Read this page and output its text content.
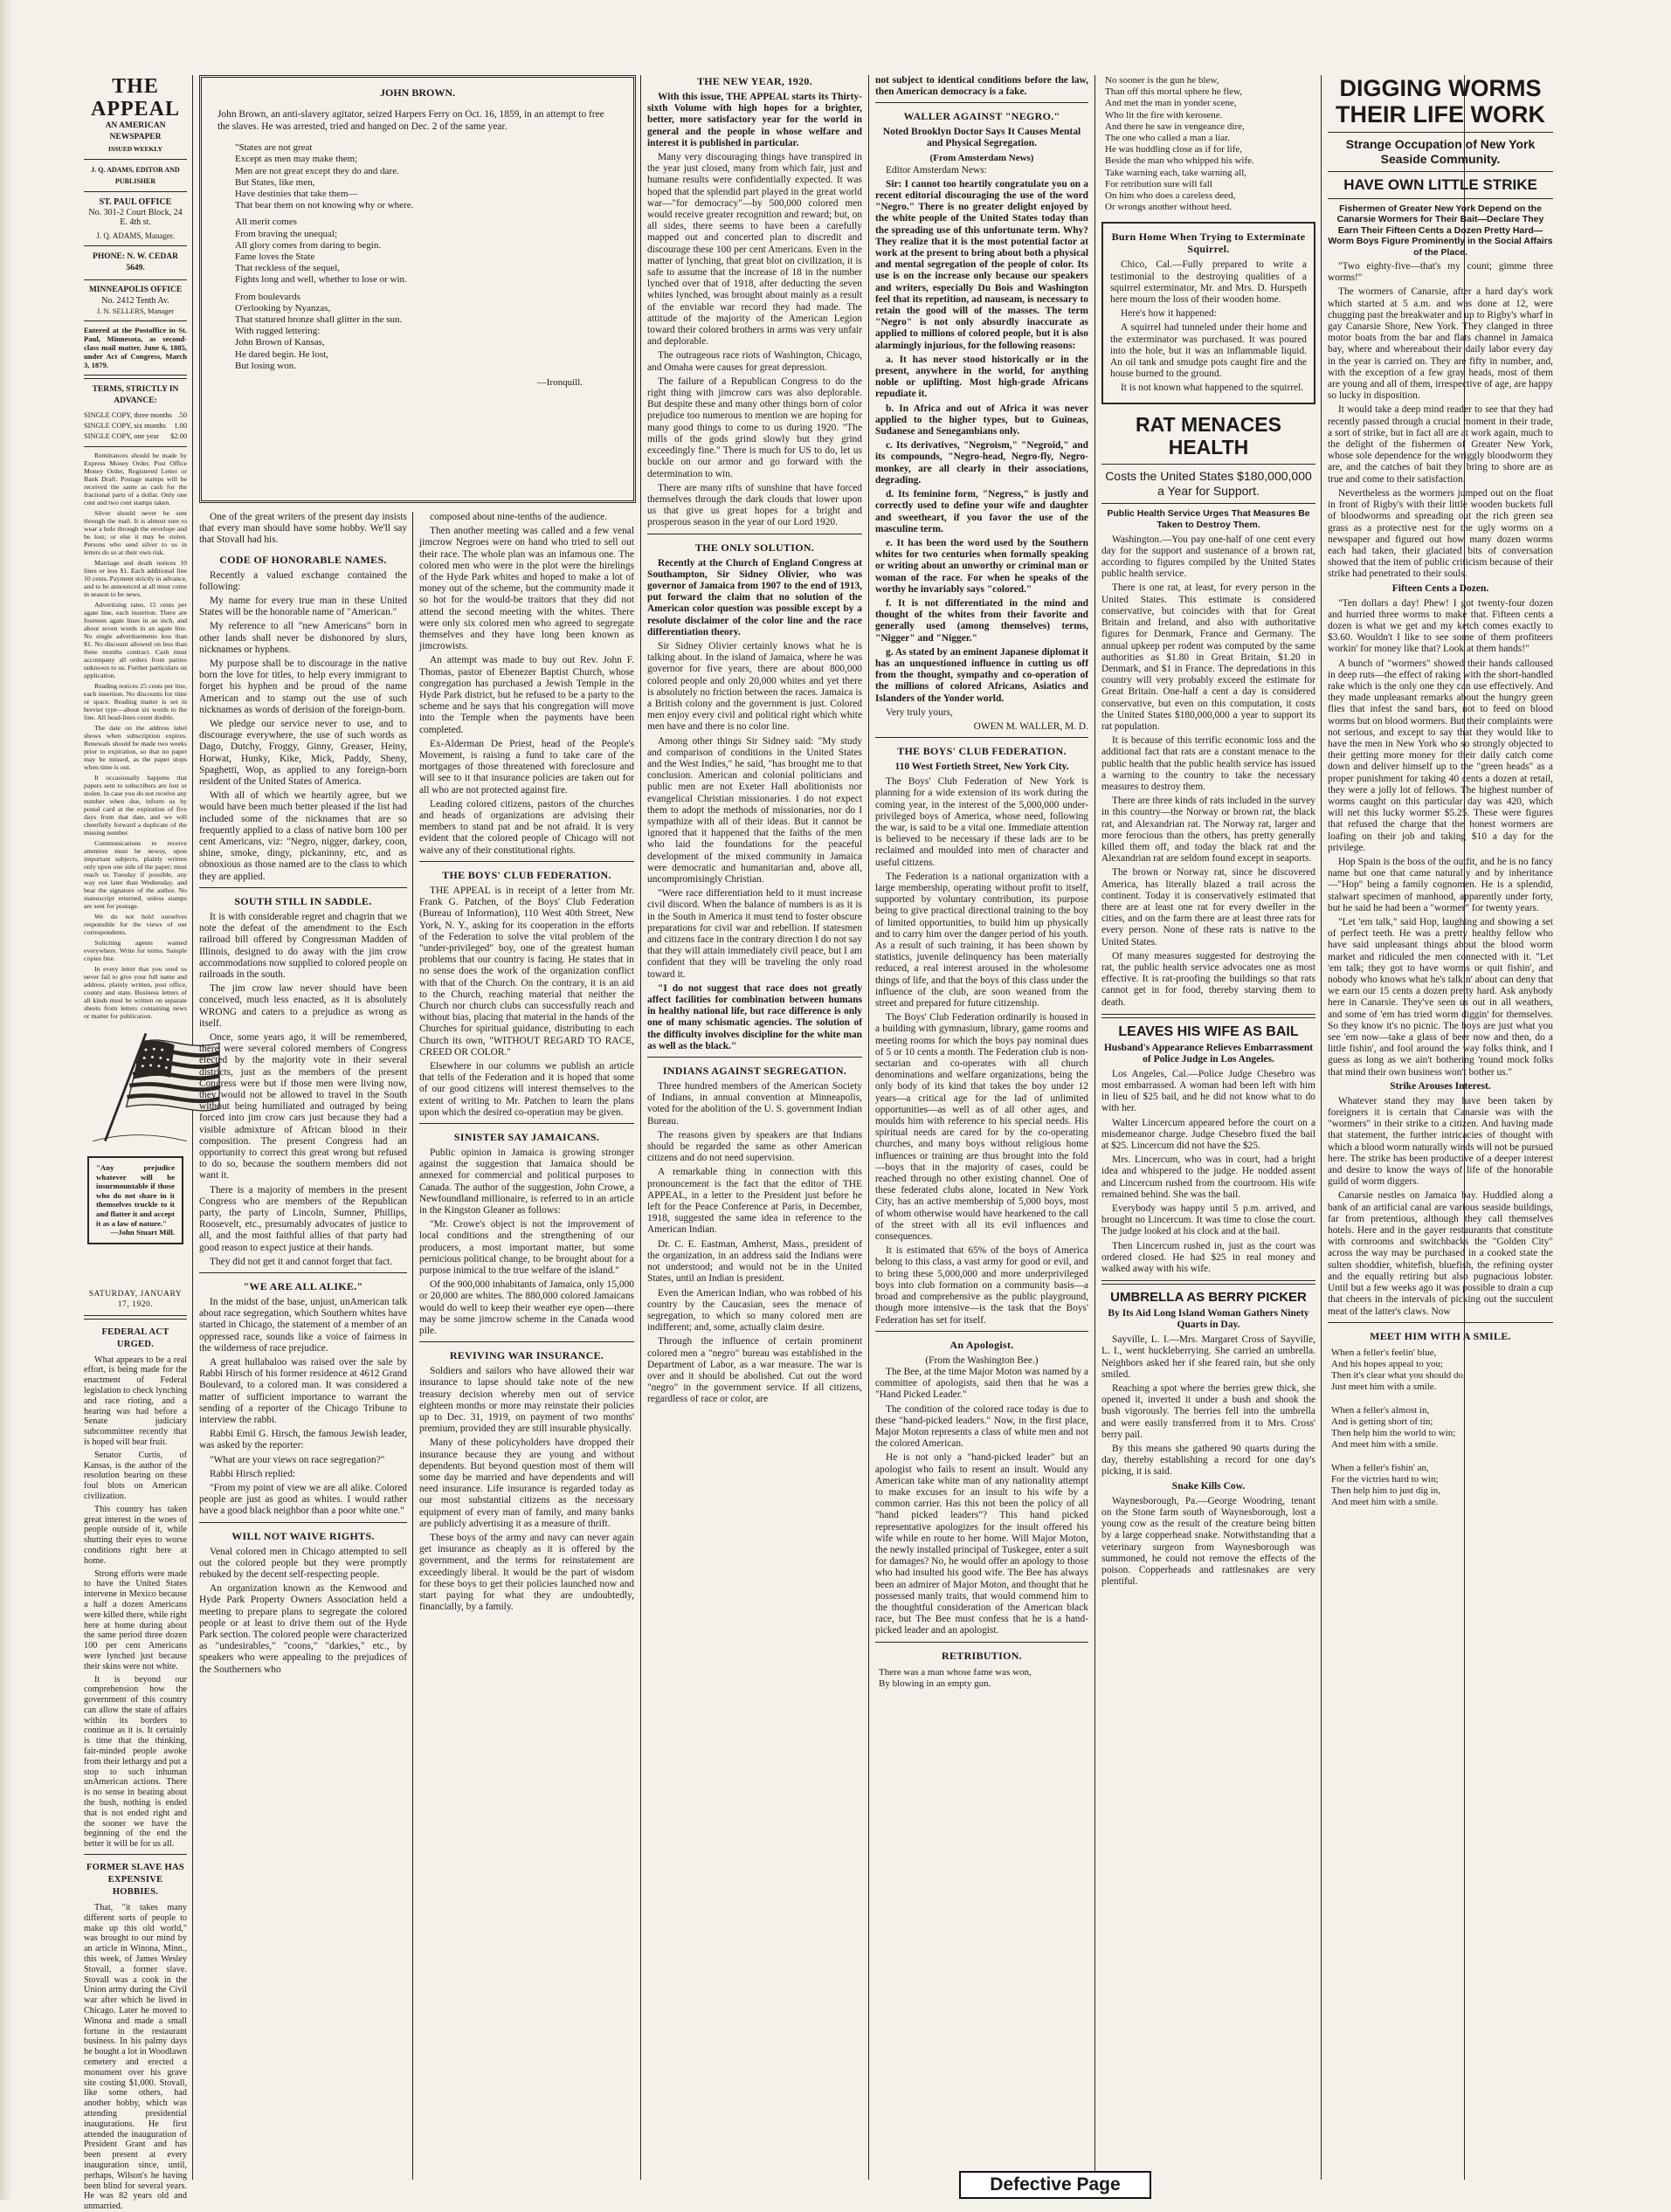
THE APPEAL
AN AMERICAN NEWSPAPER
ISSUED WEEKLY
J. Q. ADAMS, EDITOR AND PUBLISHER
ST. PAUL OFFICE
No. 301-2 Court Block, 24 E. 4th st.
J. Q. ADAMS, Manager.
PHONE: N. W. CEDAR 5649.
MINNEAPOLIS OFFICE
No. 2412 Tenth Av.
J. N. SELLERS, Manager

Entered at the Postoffice in St. Paul, Minnesota, as second-class mail matter, June 6, 1885, under Act of Congress, March 3, 1879.

TERMS, STRICTLY IN ADVANCE:
SINGLE COPY, three months .50
SINGLE COPY, six months 1.00
SINGLE COPY, one year $2.00

Remittances should be made by Express Money Order, Post Office Money Order, Registered Letter or Bank Draft. Postage stamps will be received the same as cash for the fractional parts of a dollar. Only one cent and two cent stamps taken.

Silver should never be sent through the mail. It is almost sure to wear a hole through the envelope and be lost; or else it may be stolen. Persons who send silver to us in letters do so at their own risk.

Marriage and death notices 10 lines or less $1. Each additional line 10 cents. Payment strictly in advance, and to be announced at all must come in season to be news.

Advertising rates, 15 cents per agate line, each insertion. There are fourteen agate lines in an inch, and about seven words in an agate line. No single advertisements less than $1. No discount allowed on less than three months contract. Cash must accompany all orders from parties unknown to us. Further particulars on application.

Reading notices 25 cents per line, each insertion. No discounts for time or space. Reading matter is set in brevier type—about six words to the line. All head-lines count double.

The date on the address label shows when subscription expires. Renewals should be made two weeks prior to expiration, so that no paper may be missed, as the paper stops when time is out.

It occasionally happens that papers sent to subscribers are lost or stolen. In case you do not receive any number when due, inform us by postal card at the expiration of five days from that date, and we will cheerfully forward a duplicate of the missing number.

Communications to receive attention must be newsy, upon important subjects, plainly written only upon one side of the paper; must reach us Tuesday if possible, any way not later than Wednesday, and bear the signature of the author. No manuscript returned, unless stamps are sent for postage.

We do not hold ourselves responsible for the views of our correspondents.

Soliciting agents wanted everywhere. Write for terms. Sample copies free.

In every letter that you send us never fail to give your full name and address, plainly written, post office, county and state. Business letters of all kinds must be written on separate sheets from letters containing news or matter for publication.

"Any prejudice whatever will be insurmountable if those who do not share in it themselves truckle to it and flatter it and accept it as a law of nature."
—John Stuart Mill.
JOHN BROWN.

John Brown, an anti-slavery agitator, seized Harpers Ferry on Oct. 16, 1859, in an attempt to free the slaves. He was arrested, tried and hanged on Dec. 2 of the same year.

"States are not great
Except as men may make them;
Men are not great except they do and dare.
But States, like men,
Have destinies that take them—
That bear them on not knowing why or where.
All merit comes
From braving the unequal;
All glory comes from daring to begin.
Fame loves the State
That reckless of the sequel,
Fights long and well, whether to lose or win.
From boulevards
O'erlooking by Nyanzas,
That statured bronze shall glitter in the sun.
With rugged lettering:
John Brown of Kansas,
He dared begin. He lost,
But losing won.
—Ironquill.

One of the great writers of the present day insists that every man should have some hobby. We'll say that Stovall had his.

CODE OF HONORABLE NAMES.

Recently a valued exchange contained the following:

My name for every true man in these United States will be the honorable name of "American."

My reference to all "new Americans" born in other lands shall never be dishonored by slurs, nicknames or hyphens.

My purpose shall be to discourage in the native born the love for titles, to help every immigrant to forget his hyphen and be proud of the name American and to stamp out the use of such nicknames as words of derision of the foreign-born.

We pledge our service never to use, and to discourage everywhere, the use of such words as Dago, Dutchy, Froggy, Ginny, Greaser, Heiny, Horwat, Hunky, Kike, Mick, Paddy, Sheny, Spaghetti, Wop, as applied to any foreign-born resident of the United States of America.

With all of which we heartily agree, but we would have been much better pleased if the list had included some of the nicknames that are so frequently applied to a class of native born 100 per cent Americans, viz: "Negro, nigger, darkey, coon, shine, smoke, dingy, pickaninny, etc, and as obnoxious as those named are to the class to which they are applied.

SOUTH STILL IN SADDLE.

It is with considerable regret and chagrin that we note the defeat of the amendment to the Esch railroad bill offered by Congressman Madden of Illinois, designed to do away with the jim crow accommodations now supplied to colored people on railroads in the south.

The jim crow law never should have been conceived, much less enacted, as it is absolutely WRONG and caters to a prejudice as wrong as itself.

Once, some years ago, it will be remembered, there were several colored members of Congress elected by the majority vote in their several districts, just as the members of the present Congress were but if those men were living now, they would not be allowed to travel in the South without being humiliated and outraged by being forced into jim crow cars just because they had a visible admixture of African blood in their composition. The present Congress had an opportunity to correct this great wrong but refused to do so, because the southern members did not want it.

There is a majority of members in the present Congress who are members of the Republican party, the party of Lincoln, Sumner, Phillips, Roosevelt, etc., presumably advocates of justice to all, and the most faithful allies of that party had good reason to expect justice at their hands.

They did not get it and cannot forget that fact.

"WE ARE ALL ALIKE."

In the midst of the base, unjust, unAmerican talk about race segregation, which Southern whites have started in Chicago, the statement of a member of an oppressed race, sounds like a voice of fairness in the wilderness of race prejudice.

A great hullabaloo was raised over the sale by Rabbi Hirsch of his former residence at 4612 Grand Boulevard, to a colored man. It was considered a matter of sufficient importance to warrant the sending of a reporter of the Chicago Tribune to interview the rabbi.

Rabbi Emil G. Hirsch, the famous Jewish leader, was asked by the reporter:

"What are your views on race segregation?"

Rabbi Hirsch replied:

"From my point of view we are all alike. Colored people are just as good as whites. I would rather have a good black neighbor than a poor white one."

WILL NOT WAIVE RIGHTS.

Venal colored men in Chicago attempted to sell out the colored people but they were promptly rebuked by the decent self-respecting people.

An organization known as the Kenwood and Hyde Park Property Owners Association held a meeting to prepare plans to segregate the colored people or at least to drive them out of the Hyde Park section. The colored people were characterized as "undesirables," "coons," "darkies," etc., by speakers who were appealing to the prejudices of the Southerners who

composed about nine-tenths of the audience.

Then another meeting was called and a few venal jimcrow Negroes were on hand who tried to sell out their race. The whole plan was an infamous one. The colored men who were in the plot were the hirelings of the Hyde Park whites and hoped to make a lot of money out of the scheme, but the community made it so hot for the would-be traitors that they did not attend the second meeting with the whites. There were only six colored men who agreed to segregate themselves and they have long been known as jimcrowists.

An attempt was made to buy out Rev. John F. Thomas, pastor of Ebenezer Baptist Church, whose congregation has purchased a Jewish Temple in the Hyde Park district, but he refused to be a party to the scheme and he says that his congregation will move into the Temple when the payments have been completed.

Ex-Alderman De Priest, head of the People's Movement, is raising a fund to take care of the mortgages of those threatened with foreclosure and will see to it that insurance policies are taken out for all who are not protected against fire.

Leading colored citizens, pastors of the churches and heads of organizations are advising their members to stand pat and be not afraid. It is very evident that the colored people of Chicago will not waive any of their constitutional rights.

THE BOYS' CLUB FEDERATION.

THE APPEAL is in receipt of a letter from Mr. Frank G. Patchen, of the Boys' Club Federation (Bureau of Information), 110 West 40th Street, New York, N. Y., asking for its cooperation in the efforts of the Federation to solve the vital problem of the "under-privileged" boy, one of the greatest human problems that our country is facing. He states that in no sense does the work of the organization conflict with that of the Church. On the contrary, it is an aid to the Church, reaching material that neither the Church nor church clubs can successfully reach and without bias, placing that material in the hands of the Churches for spiritual guidance, distributing to each Church its own, "WITHOUT REGARD TO RACE, CREED OR COLOR."

Elsewhere in our columns we publish an article that tells of the Federation and it is hoped that some of our good citizens will interest themselves to the extent of writing to Mr. Patchen to learn the plans upon which the desired co-operation may be given.

SINISTER SAY JAMAICANS.

Public opinion in Jamaica is growing stronger against the suggestion that Jamaica should be annexed for commercial and political purposes to Canada. The author of the suggestion, John Crowe, a Newfoundland millionaire, is referred to in an article in the Kingston Gleaner as follows:

"Mr. Crowe's object is not the improvement of local conditions and the strengthening of our producers, a most important matter, but some pernicious political change, to be brought about for a purpose inimical to the true welfare of the island."

Of the 900,000 inhabitants of Jamaica, only 15,000 or 20,000 are whites. The 880,000 colored Jamaicans would do well to keep their weather eye open—there may be some jimcrow scheme in the Canada wood pile.

REVIVING WAR INSURANCE.

Soldiers and sailors who have allowed their war insurance to lapse should take note of the new treasury decision whereby men out of service eighteen months or more may reinstate their policies up to Dec. 31, 1919, on payment of two months' premium, provided they are still insurable physically.

Many of these policyholders have dropped their insurance because they are young and without dependents. But beyond question most of them will some day be married and have dependents and will need insurance. Life insurance is regarded today as our most substantial citizens as the necessary equipment of every man of family, and many banks are publicly advertising it as a measure of thrift.

These boys of the army and navy can never again get insurance as cheaply as it is offered by the government, and the terms for reinstatement are exceedingly liberal. It would be the part of wisdom for these boys to get their policies launched now and start paying for what they are undoubtedly, financially, by a family.

THE NEW YEAR, 1920.

With this issue, THE APPEAL starts its Thirty-sixth Volume with high hopes for a brighter, better, more satisfactory year for the world in general and the people in whose welfare and interest it is published in particular.

Many very discouraging things have transpired in the year just closed, many from which fair, just and humane results were confidentially expected. It was hoped that the splendid part played in the great world war—"for democracy"—by 500,000 colored men would receive greater recognition and reward; but, on all sides, there seems to have been a carefully mapped out and concerted plan to discredit and discourage these 100 per cent Americans. Even in the matter of lynching, that great blot on civilization, it is safe to assume that the increase of 18 in the number lynched over that of 1918, after deducting the seven whites lynched, was brought about mainly as a result of the enviable war record they had made. The attitude of the majority of the American Legion toward their colored brothers in arms was very unfair and deplorable.

The outrageous race riots of Washington, Chicago, and Omaha were causes for great depression.

The failure of a Republican Congress to do the right thing with jimcrow cars was also deplorable. But despite these and many other things born of color prejudice too numerous to mention we are hoping for many good things to come to us during 1920. "The mills of the gods grind slowly but they grind exceedingly fine." There is much for US to do, let us buckle on our armor and go forward with the determination to win.

There are many rifts of sunshine that have forced themselves through the dark clouds that lower upon us that give us great hopes for a bright and prosperous season in the year of our Lord 1920.

THE ONLY SOLUTION.

Recently at the Church of England Congress at Southampton, Sir Sidney Olivier, who was governor of Jamaica from 1907 to the end of 1913, put forward the claim that no solution of the American color question was possible except by a resolute disclaimer of the color line and the race differentiation theory.

Sir Sidney Olivier certainly knows what he is talking about. In the island of Jamaica, where he was governor for five years, there are about 800,000 colored people and only 20,000 whites and yet there is absolutely no friction between the races. Jamaica is a British colony and the government is just. Colored men enjoy every civil and political right which white men have and there is no color line.

Among other things Sir Sidney said: "My study and comparison of conditions in the United States and the West Indies," he said, "has brought me to that conclusion. American and colonial politicians and public men are not Exeter Hall abolitionists nor evangelical Christian missionaries. I do not expect them to adopt the methods of missionaries, nor do I sympathize with all of their ideas. But it cannot be ignored that it happened that the faiths of the men who laid the foundations for the peaceful development of the mixed community in Jamaica were democratic and humanitarian and, above all, uncompromisingly Christian.

"Were race differentiation held to it must increase civil discord. When the balance of numbers is as it is in the South in America it must tend to foster obscure preparations for civil war and rebellion. If statesmen and citizens face in the contrary direction I do not say that they will attain immediately civil peace, but I am confident that they will be traveling the only road toward it.

"I do not suggest that race does not greatly affect facilities for combination between humans in healthy national life, but race difference is only one of many schismatic agencies. The solution of the difficulty involves discipline for the white man as well as the black."

INDIANS AGAINST SEGREGATION.

Three hundred members of the American Society of Indians, in annual convention at Minneapolis, voted for the abolition of the U. S. government Indian Bureau.

The reasons given by speakers are that Indians should be regarded the same as other American citizens and do not need supervision.

A remarkable thing in connection with this pronouncement is the fact that the editor of THE APPEAL, in a letter to the President just before he left for the Peace Conference at Paris, in December, 1918, suggested the same idea in reference to the American Indian.

Dr. C. E. Eastman, Amherst, Mass., president of the organization, in an address said the Indians were not understood; and would not be in the United States, until an Indian is president.

Even the American Indian, who was robbed of his country by the Caucasian, sees the menace of segregation, to which so many colored men are indifferent; and, some, actually claim desire.

Through the influence of certain prominent colored men a "negro" bureau was established in the Department of Labor, as a war measure. The war is over and it should be abolished. Cut out the word "negro" in the government service. If all citizens, regardless of race or color, are

not subject to identical conditions before the law, then American democracy is a fake.

WALLER AGAINST "NEGRO."
Noted Brooklyn Doctor Says It Causes Mental and Physical Segregation.
(From Amsterdam News)

Editor Amsterdam News:

Sir: I cannot too heartily congratulate you on a recent editorial discouraging the use of the word "Negro." There is no greater delight enjoyed by the white people of the United States today than the spreading use of this unfortunate term. Why? They realize that it is the most potential factor at work at the present to bring about both a physical and mental segregation of the people of color. Its use is on the increase only because our speakers and writers, especially Du Bois and Washington feel that its repetition, ad nauseam, is necessary to retain the good will of the masses. The term "Negro" is not only absurdly inaccurate as applied to millions of colored people, but it is also alarmingly injurious, for the following reasons:

a. It has never stood historically or in the present, anywhere in the world, for anything noble or uplifting. Most high-grade Africans repudiate it.

b. In Africa and out of Africa it was never applied to the higher types, but to Guineas, Sudanese and Senegambians only.

c. Its derivatives, "Negroism," "Negroid," and its compounds, "Negro-head, Negro-fly, Negro-monkey, are all clearly in their associations, degrading.

d. Its feminine form, "Negress," is justly and correctly used to define your wife and daughter and sweetheart, if you favor the use of the masculine term.

e. It has been the word used by the Southern whites for two centuries when formally speaking or writing about an unworthy or criminal man or woman of the race. For when he speaks of the worthy he invariably says "colored."

f. It is not differentiated in the mind and thought of the whites from their favorite and generally used (among themselves) terms, "Nigger" and "Nigger."

g. As stated by an eminent Japanese diplomat it has an unquestioned influence in cutting us off from the thought, sympathy and co-operation of the millions of colored Africans, Asiatics and Islanders of the Yonder world.

Very truly yours,

OWEN M. WALLER, M. D.
THE BOYS' CLUB FEDERATION.
110 West Fortieth Street, New York City.

The Boys' Club Federation of New York is planning for a wide extension of its work during the coming year, in the interest of the 5,000,000 under-privileged boys of America, whose need, following the war, is said to be a vital one. Immediate attention is believed to be necessary if these lads are to be reclaimed and moulded into men of character and useful citizens.

The Federation is a national organization with a large membership, operating without profit to itself, supported by voluntary contribution, its purpose being to give practical directional training to the boy of limited opportunities, to build him up physically and to carry him over the danger period of his youth. As a result of such training, it has been shown by statistics, juvenile delinquency has been materially reduced, a real interest aroused in the wholesome things of life, and that the boys of this class under the influence of the club, are soon weaned from the street and prepared for future citizenship.

The Boys' Club Federation ordinarily is housed in a building with gymnasium, library, game rooms and meeting rooms for which the boys pay nominal dues of 5 or 10 cents a month. The Federation club is non-sectarian and co-operates with all church denominations and welfare organizations, being the only body of its kind that takes the boy under 12 years—a critical age for the lad of unlimited opportunities—as well as of all other ages, and moulds him with reference to his special needs. His spiritual needs are cared for by the co-operating churches, and many boys without religious home influences or training are thus brought into the fold—boys that in the majority of cases, could be reached through no other existing channel. One of these federated clubs alone, located in New York City, has an active membership of 5,000 boys, most of whom otherwise would have hearkened to the call of the street with all its evil influences and consequences.

It is estimated that 65% of the boys of America belong to this class, a vast army for good or evil, and to bring these 5,000,000 and more underprivileged boys into club formation on a community basis—a broad and comprehensive as the public playground, though more intensive—is the task that the Boys' Federation has set for itself.

An Apologist.
(From the Washington Bee.)

The Bee, at the time Major Moton was named by a committee of apologists, said then that he was a "Hand Picked Leader."

The condition of the colored race today is due to these "hand-picked leaders." Now, in the first place, Major Moton represents a class of white men and not the colored American.

He is not only a "hand-picked leader" but an apologist who fails to resent an insult. Would any American take white man of any nationality attempt to make excuses for an insult to his wife by a common carrier. Has this not been the policy of all "hand picked leaders"? This hand picked representative apologizes for the insult offered his wife while en route to her home. Will Major Moton, the newly installed principal of Tuskegee, enter a suit for damages? No, he would offer an apology to those who had insulted his good wife. The Bee has always been an admirer of Major Moton, and thought that he possessed manly traits, that would commend him to the thoughtful consideration of the American black race, but The Bee must confess that he is a hand-picked leader and an apologist.

RETRIBUTION.
There was a man whose fame was won,
By blowing in an empty gun.
No sooner is the gun he blew,
Than off this mortal sphere he flew,
And met the man in yonder scene,
Who lit the fire with kerosene.
And there he saw in vengeance dire,
The one who called a man a liar.
He was huddling close as if for life,
Beside the man who whipped his wife.
Take warning each, take warning all,
For retribution sure will fall
On him who does a careless deed,
Or wrongs another without heed.
Burn Home When Trying to Exterminate Squirrel.

Chico, Cal.—Fully prepared to write a testimonial to the destroying qualities of a squirrel exterminator, Mr. and Mrs. D. Hurspeth here mourn the loss of their wooden home.

Here's how it happened:

A squirrel had tunneled under their home and the exterminator was purchased. It was poured into the hole, but it was an inflammable liquid. An oil tank and smudge pots caught fire and the house burned to the ground.

It is not known what happened to the squirrel.

RAT MENACES HEALTH
Costs the United States $180,000,000 a Year for Support.
Public Health Service Urges That Measures Be Taken to Destroy Them.

Washington.—You pay one-half of one cent every day for the support and sustenance of a brown rat, according to figures compiled by the United States public health service.

There is one rat, at least, for every person in the United States. This estimate is considered conservative, but coincides with that for Great Britain and Ireland, and also with authoritative figures for Denmark, France and Germany. The annual upkeep per rodent was computed by the same authorities as $1.80 in Great Britain, $1.20 in Denmark, and $1 in France. The depredations in this country will very probably exceed the estimate for Great Britain. One-half a cent a day is considered conservative, but even on this computation, it costs the United States $180,000,000 a year to support its rat population.

It is because of this terrific economic loss and the additional fact that rats are a constant menace to the public health that the public health service has issued a warning to the country to take the necessary measures to destroy them.

There are three kinds of rats included in the survey in this country—the Norway or brown rat, the black rat, and Alexandrian rat. The Norway rat, larger and more ferocious than the others, has pretty generally killed them off, and today the black rat and the Alexandrian rat are seldom found except in seaports.

The brown or Norway rat, since he discovered America, has literally blazed a trail across the continent. Today it is conservatively estimated that there are at least one rat for every dweller in the cities, and on the farm there are at least three rats for every person. None of these rats is native to the United States.

Of many measures suggested for destroying the rat, the public health service advocates one as most effective. It is rat-proofing the buildings so that rats cannot get in for food, thereby starving them to death.

LEAVES HIS WIFE AS BAIL
Husband's Appearance Relieves Embarrassment of Police Judge in Los Angeles.

Los Angeles, Cal.—Police Judge Chesebro was most embarrassed. A woman had been left with him in lieu of $25 bail, and he did not know what to do with her.

Walter Lincercum appeared before the court on a misdemeanor charge. Judge Chesebro fixed the bail at $25. Lincercum did not have the $25.

Mrs. Lincercum, who was in court, had a bright idea and whispered to the judge. He nodded assent and Lincercum rushed from the courtroom. His wife remained behind. She was the bail.

Everybody was happy until 5 p.m. arrived, and brought no Lincercum. It was time to close the court. The judge looked at his clock and at the bail.

Then Lincercum rushed in, just as the court was ordered closed. He had $25 in real money and walked away with his wife.

UMBRELLA AS BERRY PICKER
By Its Aid Long Island Woman Gathers Ninety Quarts in Day.

Sayville, L. I.—Mrs. Margaret Cross of Sayville, L. I., went huckleberrying. She carried an umbrella. Neighbors asked her if she feared rain, but she only smiled.

Reaching a spot where the berries grew thick, she opened it, inverted it under a bush and shook the bush vigorously. The berries fell into the umbrella and were easily transferred from it to Mrs. Cross' berry pail.

By this means she gathered 90 quarts during the day, thereby establishing a record for one day's picking, it is said.

Snake Kills Cow.

Waynesborough, Pa.—George Woodring, tenant on the Stone farm south of Waynesborough, lost a young cow as the result of the creature being bitten by a large copperhead snake. Notwithstanding that a veterinary surgeon from Waynesborough was summoned, he could not remove the effects of the poison. Copperheads and rattlesnakes are very plentiful.

DIGGING WORMS
THEIR LIFE WORK
Strange Occupation of New York Seaside Community.
HAVE OWN LITTLE STRIKE
Fishermen of Greater New York Depend on the Canarsie Wormers for Their Bait—Declare They Earn Their Fifteen Cents a Dozen Pretty Hard—Worm Boys Figure Prominently in the Social Affairs of the Place.

"Two eighty-five—that's my count; gimme three worms!"

The wormers of Canarsie, after a hard day's work which started at 5 a.m. and was done at 12, were chugging past the breakwater and up to Rigby's wharf in gay Canarsie Shore, New York. They clanged in three motor boats from the bar and flats channel in Jamaica bay, where and whereabout their daily labor every day in the year is carried on. They are fifty in number, and, with the exception of a few gray heads, most of them are young and all of them, irrespective of age, are happy so lucky in disposition.

It would take a deep mind reader to see that they had recently passed through a crucial moment in their trade, a sort of strike, but in fact all are at work again, much to the delight of the fishermen of Greater New York, whose sole dependence for the wriggly bloodworm they are, and the catches of bait they bring to shore are as true and come to their satisfaction.

Nevertheless as the wormers jumped out on the float in front of Rigby's with their little wooden buckets full of bloodworms and spreading out the rich green sea grass as a protective nest for the ugly worms on a newspaper and figured out how many dozen worms each had taken, their glaciated bits of conversation showed that the item of public criticism because of their strike had penetrated to their souls.

Fifteen Cents a Dozen.

"Ten dollars a day! Phew! I got twenty-four dozen and hurried three worms to make that. Fifteen cents a dozen is what we get and my ketch comes exactly to $3.60. Wouldn't I like to see some of them profiteers workin' for money like that? Look at them hands!"

A bunch of "wormers" showed their hands calloused in deep ruts—the effect of raking with the short-handled rake which is the only one they can use effectively. And they made unpleasant remarks about the hungry green flies that infest the sand bars, not to feed on blood worms but on blood wormers. But their complaints were not serious, and except to say that they would like to have the men in New York who so strongly objected to their getting more money for their daily catch come down and deliver himself up to the "green heads" as a proper punishment for taking 40 cents a dozen at retail, they were a jolly lot of fellows. The highest number of worms caught on this particular day was 420, which will net this lucky wormer $5.25. These were figures that refused the charge that the honest wormers are loafing on their job and taking $10 a day for the privilege.

Hop Spain is the boss of the outfit, and he is no fancy name but one that came naturally and by inheritance—"Hop" being a family cognomen. He is a splendid, stalwart specimen of manhood, apparently under forty, but he said he had been a "wormer" for twenty years.

"Let 'em talk," said Hop, laughing and showing a set of perfect teeth. He was a pretty healthy fellow who have said unpleasant things about the blood worm market and ridiculed the men connected with it. "Let 'em talk; they got to have worms or quit fishin', and nobody who knows what he's talkin' about can deny that we earn our 15 cents a dozen pretty hard. Ask anybody here in Canarsie. They've seen us out in all weathers, and some of 'em has tried worm diggin' for themselves. So they know it's no picnic. The boys are just what you see 'em now—take a glass of beer now and then, do a little fishin', and fool around the way folks think, and I guess as long as we ain't bothering 'round mock folks that mind their own business won't bother us."

Strike Arouses Interest.

Whatever stand they may have been taken by foreigners it is certain that Canarsie was with the "wormers" in their strike to a citizen. And having made that statement, the further intricacies of thought with which a blood worm naturally winds will not be pursued here. The strike has been productive of a deeper interest and desire to know the ways of life of the honorable guild of worm diggers.

Canarsie nestles on Jamaica bay. Huddled along a bank of an artificial canal are various seaside buildings, far from pretentious, although they call themselves hotels. Here and in the gayer restaurants that constitute with cornrooms and switchbacks the "Golden City" across the way may be purchased in a cooked state the sulten shoddier, whitefish, bluefish, the refining oyster and the equally retiring but also pugnacious lobster. Until but a few weeks ago it was possible to drain a cup that cheers in the intervals of picking out the succulent meat of the latter's claws. Now

MEET HIM WITH A SMILE.
When a feller's feelin' blue,
And his hopes appeal to you;
Then it's clear what you should do,
Just meet him with a smile.

When a feller's almost in,
And is getting short of tin;
Then help him the world to win;
And meet him with a smile.

When a feller's fishin' an,
For the victries hard to win;
Then help him to just dig in,
And meet him with a smile.
Defective Page
SATURDAY, JANUARY 17, 1920.
FEDERAL ACT URGED.

What appears to be a real effort, is being made for the enactment of Federal legislation to check lynching and race rioting, and a hearing was had before a Senate judiciary subcommittee recently that is hoped will bear fruit.

Senator Curtis, of Kansas, is the author of the resolution bearing on these foul blots on American civilization.

This country has taken great interest in the woes of people outside of it, while shutting their eyes to worse conditions right here at home.

Strong efforts were made to have the United States intervene in Mexico because a half a dozen Americans were killed there, while right here at home during about the same period three dozen 100 per cent Americans were lynched just because their skins were not white.

It is beyond our comprehension how the government of this country can allow the state of affairs within its borders to continue as it is. It certainly is time that the thinking, fair-minded people awoke from their lethargy and put a stop to such inhuman unAmerican actions. There is no sense in beating about the bush, nothing is ended that is not ended right and the sooner we have the beginning of the end the better it will be for us all.

FORMER SLAVE HAS EXPENSIVE HOBBIES.

That, "it takes many different sorts of people to make up this old world," was brought to our mind by an article in Winona, Minn., this week, of James Wesley Stovall, a former slave. Stovall was a cook in the Union army during the Civil war after which he lived in Chicago. Later he moved to Winona and made a small fortune in the restaurant business. In his palmy days he bought a lot in Woodlawn cemetery and erected a monument over his grave site costing $1,000. Stovall, like some others, had another hobby, which was attending presidential inaugurations. He first attended the inauguration of President Grant and has been present at every inauguration since, until, perhaps, Wilson's he having been blind for several years. He was 82 years old and unmarried.
